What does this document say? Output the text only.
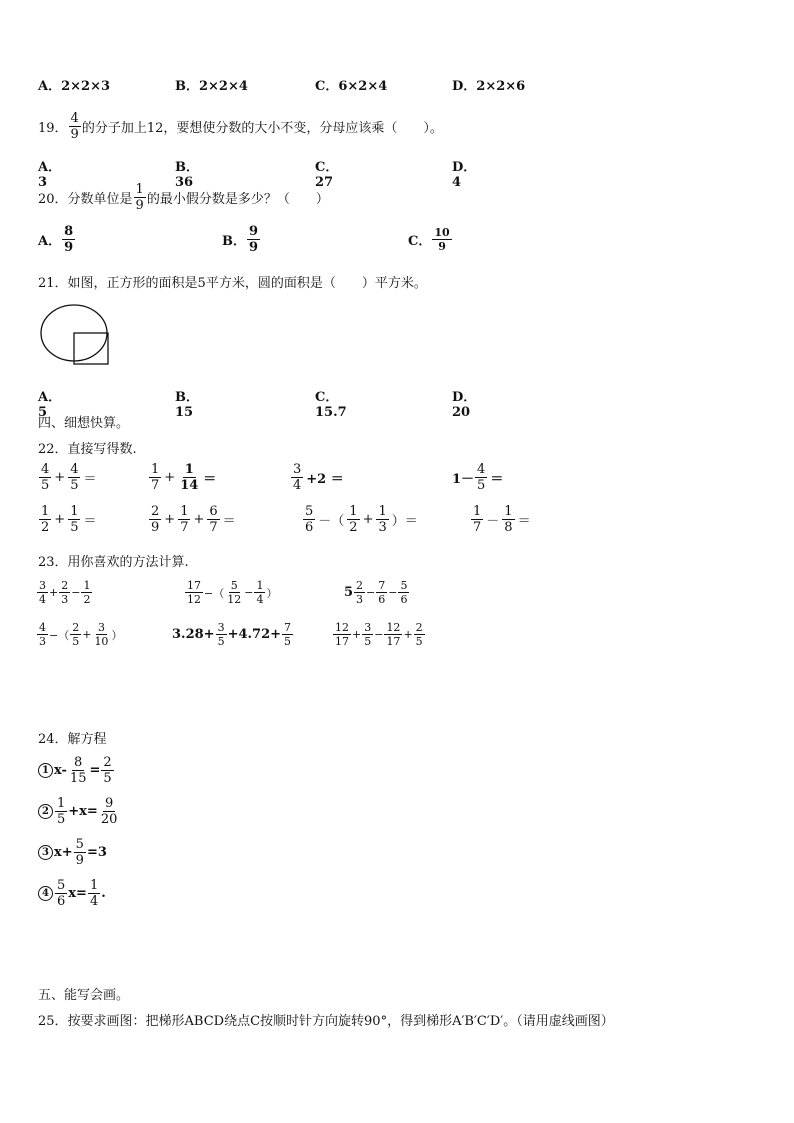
A．2×2×3	B．2×2×4	C．6×2×4	D．2×2×6
19． $\frac{4}{9}$ 的分子加上12，要想使分数的大小不变，分母应该乘（　　）。
A．3
B．36
C．27
D．4
20．分数单位是 $\frac{1}{9}$ 的最小假分数是多少？（　　）
A． $\frac{8}{9}$	B． $\frac{9}{9}$	C． $\frac{10}{9}$
21．如图，正方形的面积是5平方米，圆的面积是（　　）平方米。
A．5
B．15
C．15.7
D．20
四、细想快算。
22．直接写得数.
$\frac{4}{5} + \frac{4}{5}$ ＝	$\frac{1}{7} + \frac{1}{14}$ ＝	$\frac{3}{4} +2$ ＝	$1- \frac{4}{5}$ ＝
$\frac{1}{2} + \frac{1}{5}$ ＝	$\frac{2}{9} + \frac{1}{7} + \frac{6}{7}$ ＝	$\frac{5}{6}$ －（ $\frac{1}{2} + \frac{1}{3}$ ）＝	$\frac{1}{7} - \frac{1}{8}$ ＝
23．用你喜欢的方法计算.
$\frac{3}{4} + \frac{2}{3} - \frac{1}{2}$	$\frac{17}{12}$ −（ $\frac{5}{12} - \frac{1}{4}$ ）	$5 \frac{2}{3} - \frac{7}{6} - \frac{5}{6}$
$\frac{4}{3}$ −（ $\frac{2}{5} + \frac{3}{10}$ ）	$3.28+ \frac{3}{5} +4.72+ \frac{7}{5}$	$\frac{12}{17} + \frac{3}{5} - \frac{12}{17} + \frac{2}{5}$
24．解方程
1 $x- \frac{8}{15} = \frac{2}{5}$
$2 \frac{1}{5} +x= \frac{9}{20}$
3 $x+ \frac{5}{9} =3$
$4 \frac{5}{6} x= \frac{1}{4}$ .
五、能写会画。
25．按要求画图：把梯形ABCD绕点C按顺时针方向旋转90°，得到梯形A′B′C′D′。（请用虚线画图）
